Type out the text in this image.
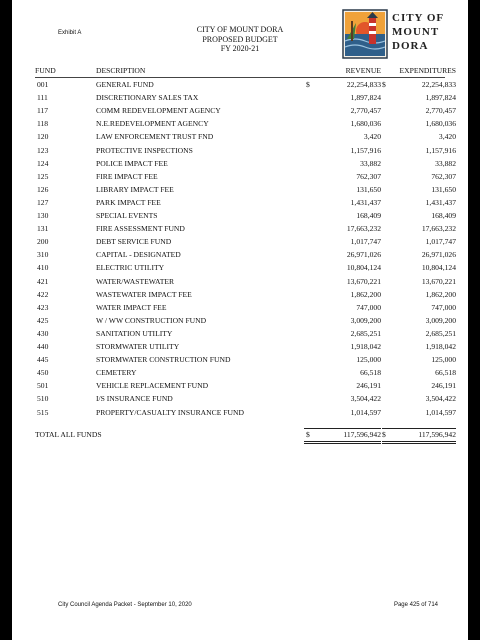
Exhibit A	CITY OF MOUNT DORA
PROPOSED BUDGET
FY 2020-21
CITY OF
MOUNT
DORA
FUND	DESCRIPTION	REVENUE EXPENDITURES
001	GENERAL FUND	$	22,254,833 $	22,254,833
111	DISCRETIONARY SALES TAX	1,897,824	1,897,824
117	COMM REDEVELOPMENT AGENCY	2,770,457	2,770,457
118	N.E.REDEVELOPMENT AGENCY	1,680,036	1,680,036
120	LAW ENFORCEMENT TRUST FND	3,420	3,420
123	PROTECTIVE INSPECTIONS	1,157,916	1,157,916
124	POLICE IMPACT FEE	33,882	33,882
125	FIRE IMPACT FEE	762,307	762,307
126	LIBRARY IMPACT FEE	131,650	131,650
127	PARK IMPACT FEE	1,431,437	1,431,437
130	SPECIAL EVENTS	168,409	168,409
131	FIRE ASSESSMENT FUND	17,663,232	17,663,232
200	DEBT SERVICE FUND	1,017,747	1,017,747
310	CAPITAL - DESIGNATED	26,971,026	26,971,026
410	ELECTRIC UTILITY	10,804,124	10,804,124
421	WATER/WASTEWATER	13,670,221	13,670,221
422	WASTEWATER IMPACT FEE	1,862,200	1,862,200
423	WATER IMPACT FEE	747,000	747,000
425	W / WW CONSTRUCTION FUND	3,009,200	3,009,200
430	SANITATION UTILITY	2,685,251	2,685,251
440	STORMWATER UTILITY	1,918,042	1,918,042
445	STORMWATER CONSTRUCTION FUND	125,000	125,000
450	CEMETERY	66,518	66,518
501	VEHICLE REPLACEMENT FUND	246,191	246,191
510	I/S INSURANCE FUND	3,504,422	3,504,422
515	PROPERTY/CASUALTY INSURANCE FUND	1,014,597	1,014,597
TOTAL ALL FUNDS	$	117,596,942 $	117,596,942
City Council Agenda Packet - September 10, 2020	Page 425 of 714
